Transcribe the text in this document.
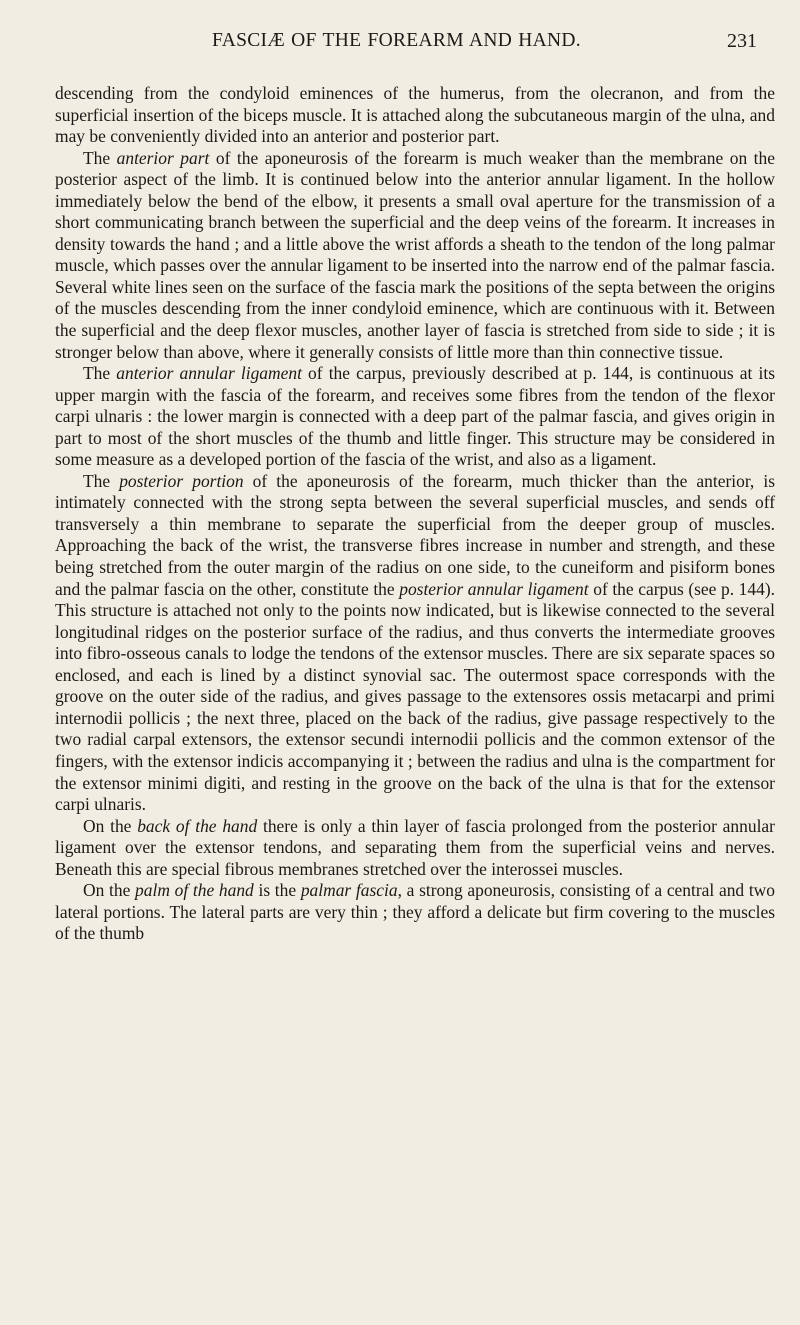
FASCIÆ OF THE FOREARM AND HAND.	231

descending from the condyloid eminences of the humerus, from the olecranon, and from the superficial insertion of the biceps muscle. It is attached along the subcutaneous margin of the ulna, and may be conveniently divided into an anterior and posterior part.

The anterior part of the aponeurosis of the forearm is much weaker than the membrane on the posterior aspect of the limb. It is continued below into the anterior annular ligament. In the hollow immediately below the bend of the elbow, it presents a small oval aperture for the transmission of a short communicating branch between the superficial and the deep veins of the forearm. It increases in density towards the hand ; and a little above the wrist affords a sheath to the tendon of the long palmar muscle, which passes over the annular ligament to be inserted into the narrow end of the palmar fascia. Several white lines seen on the surface of the fascia mark the positions of the septa between the origins of the muscles descending from the inner condyloid eminence, which are continuous with it. Between the superficial and the deep flexor muscles, another layer of fascia is stretched from side to side ; it is stronger below than above, where it generally consists of little more than thin connective tissue.

The anterior annular ligament of the carpus, previously described at p. 144, is continuous at its upper margin with the fascia of the forearm, and receives some fibres from the tendon of the flexor carpi ulnaris : the lower margin is connected with a deep part of the palmar fascia, and gives origin in part to most of the short muscles of the thumb and little finger. This structure may be considered in some measure as a developed portion of the fascia of the wrist, and also as a ligament.

The posterior portion of the aponeurosis of the forearm, much thicker than the anterior, is intimately connected with the strong septa between the several superficial muscles, and sends off transversely a thin membrane to separate the superficial from the deeper group of muscles. Approaching the back of the wrist, the transverse fibres increase in number and strength, and these being stretched from the outer margin of the radius on one side, to the cuneiform and pisiform bones and the palmar fascia on the other, constitute the posterior annular ligament of the carpus (see p. 144). This structure is attached not only to the points now indicated, but is likewise connected to the several longitudinal ridges on the posterior surface of the radius, and thus converts the intermediate grooves into fibro-osseous canals to lodge the tendons of the extensor muscles. There are six separate spaces so enclosed, and each is lined by a distinct synovial sac. The outermost space corresponds with the groove on the outer side of the radius, and gives passage to the extensores ossis metacarpi and primi internodii pollicis ; the next three, placed on the back of the radius, give passage respectively to the two radial carpal extensors, the extensor secundi internodii pollicis and the common extensor of the fingers, with the extensor indicis accompanying it ; between the radius and ulna is the compartment for the extensor minimi digiti, and resting in the groove on the back of the ulna is that for the extensor carpi ulnaris.

On the back of the hand there is only a thin layer of fascia prolonged from the posterior annular ligament over the extensor tendons, and separating them from the superficial veins and nerves. Beneath this are special fibrous membranes stretched over the interossei muscles.

On the palm of the hand is the palmar fascia, a strong aponeurosis, consisting of a central and two lateral portions. The lateral parts are very thin ; they afford a delicate but firm covering to the muscles of the thumb
